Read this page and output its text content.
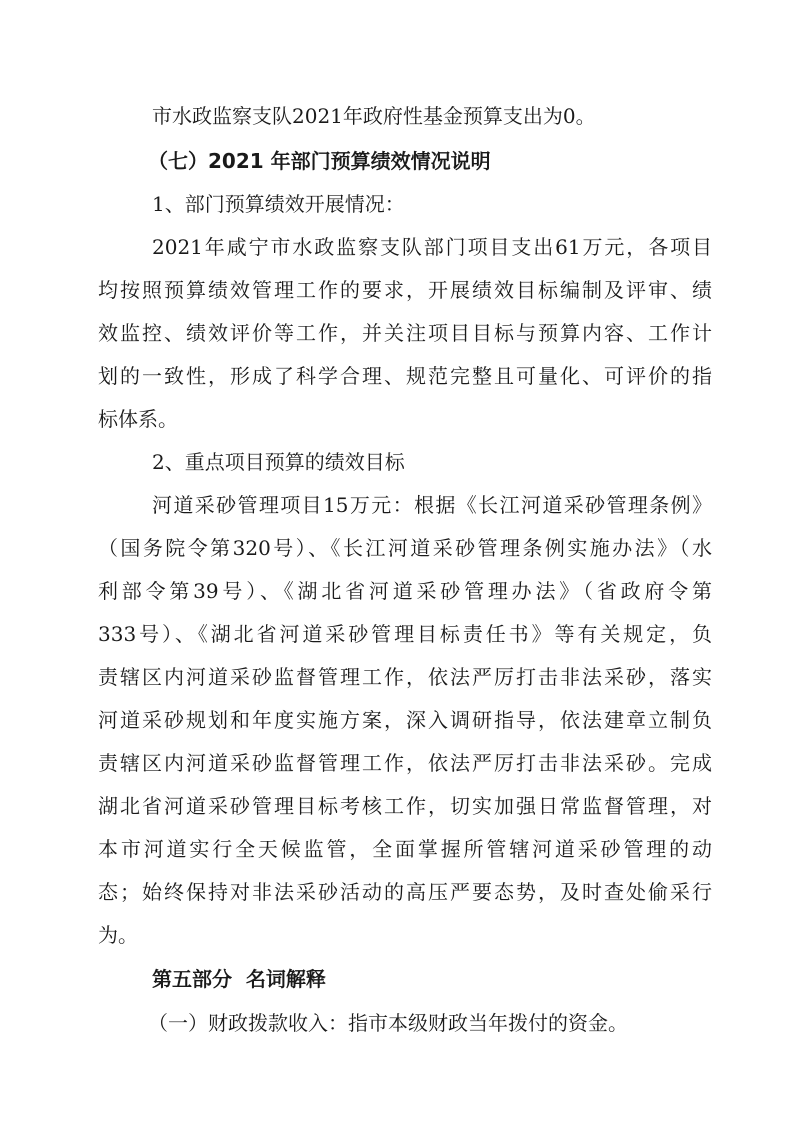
市水政监察支队2021年政府性基金预算支出为0。
（七）2021 年部门预算绩效情况说明
1、部门预算绩效开展情况：
2021年咸宁市水政监察支队部门项目支出61万元，各项目
均按照预算绩效管理工作的要求，开展绩效目标编制及评审、绩
效监控、绩效评价等工作，并关注项目目标与预算内容、工作计
划的一致性，形成了科学合理、规范完整且可量化、可评价的指
标体系。
2、重点项目预算的绩效目标
河道采砂管理项目15万元：根据《长江河道采砂管理条例》
（国务院令第320号）、《长江河道采砂管理条例实施办法》（水
利部令第39号）、《湖北省河道采砂管理办法》（省政府令第
333号）、《湖北省河道采砂管理目标责任书》等有关规定，负
责辖区内河道采砂监督管理工作，依法严厉打击非法采砂，落实
河道采砂规划和年度实施方案，深入调研指导，依法建章立制负
责辖区内河道采砂监督管理工作，依法严厉打击非法采砂。完成
湖北省河道采砂管理目标考核工作，切实加强日常监督管理，对
本市河道实行全天候监管，全面掌握所管辖河道采砂管理的动
态；始终保持对非法采砂活动的高压严要态势，及时查处偷采行
为。
第五部分  名词解释
（一）财政拨款收入：指市本级财政当年拨付的资金。
